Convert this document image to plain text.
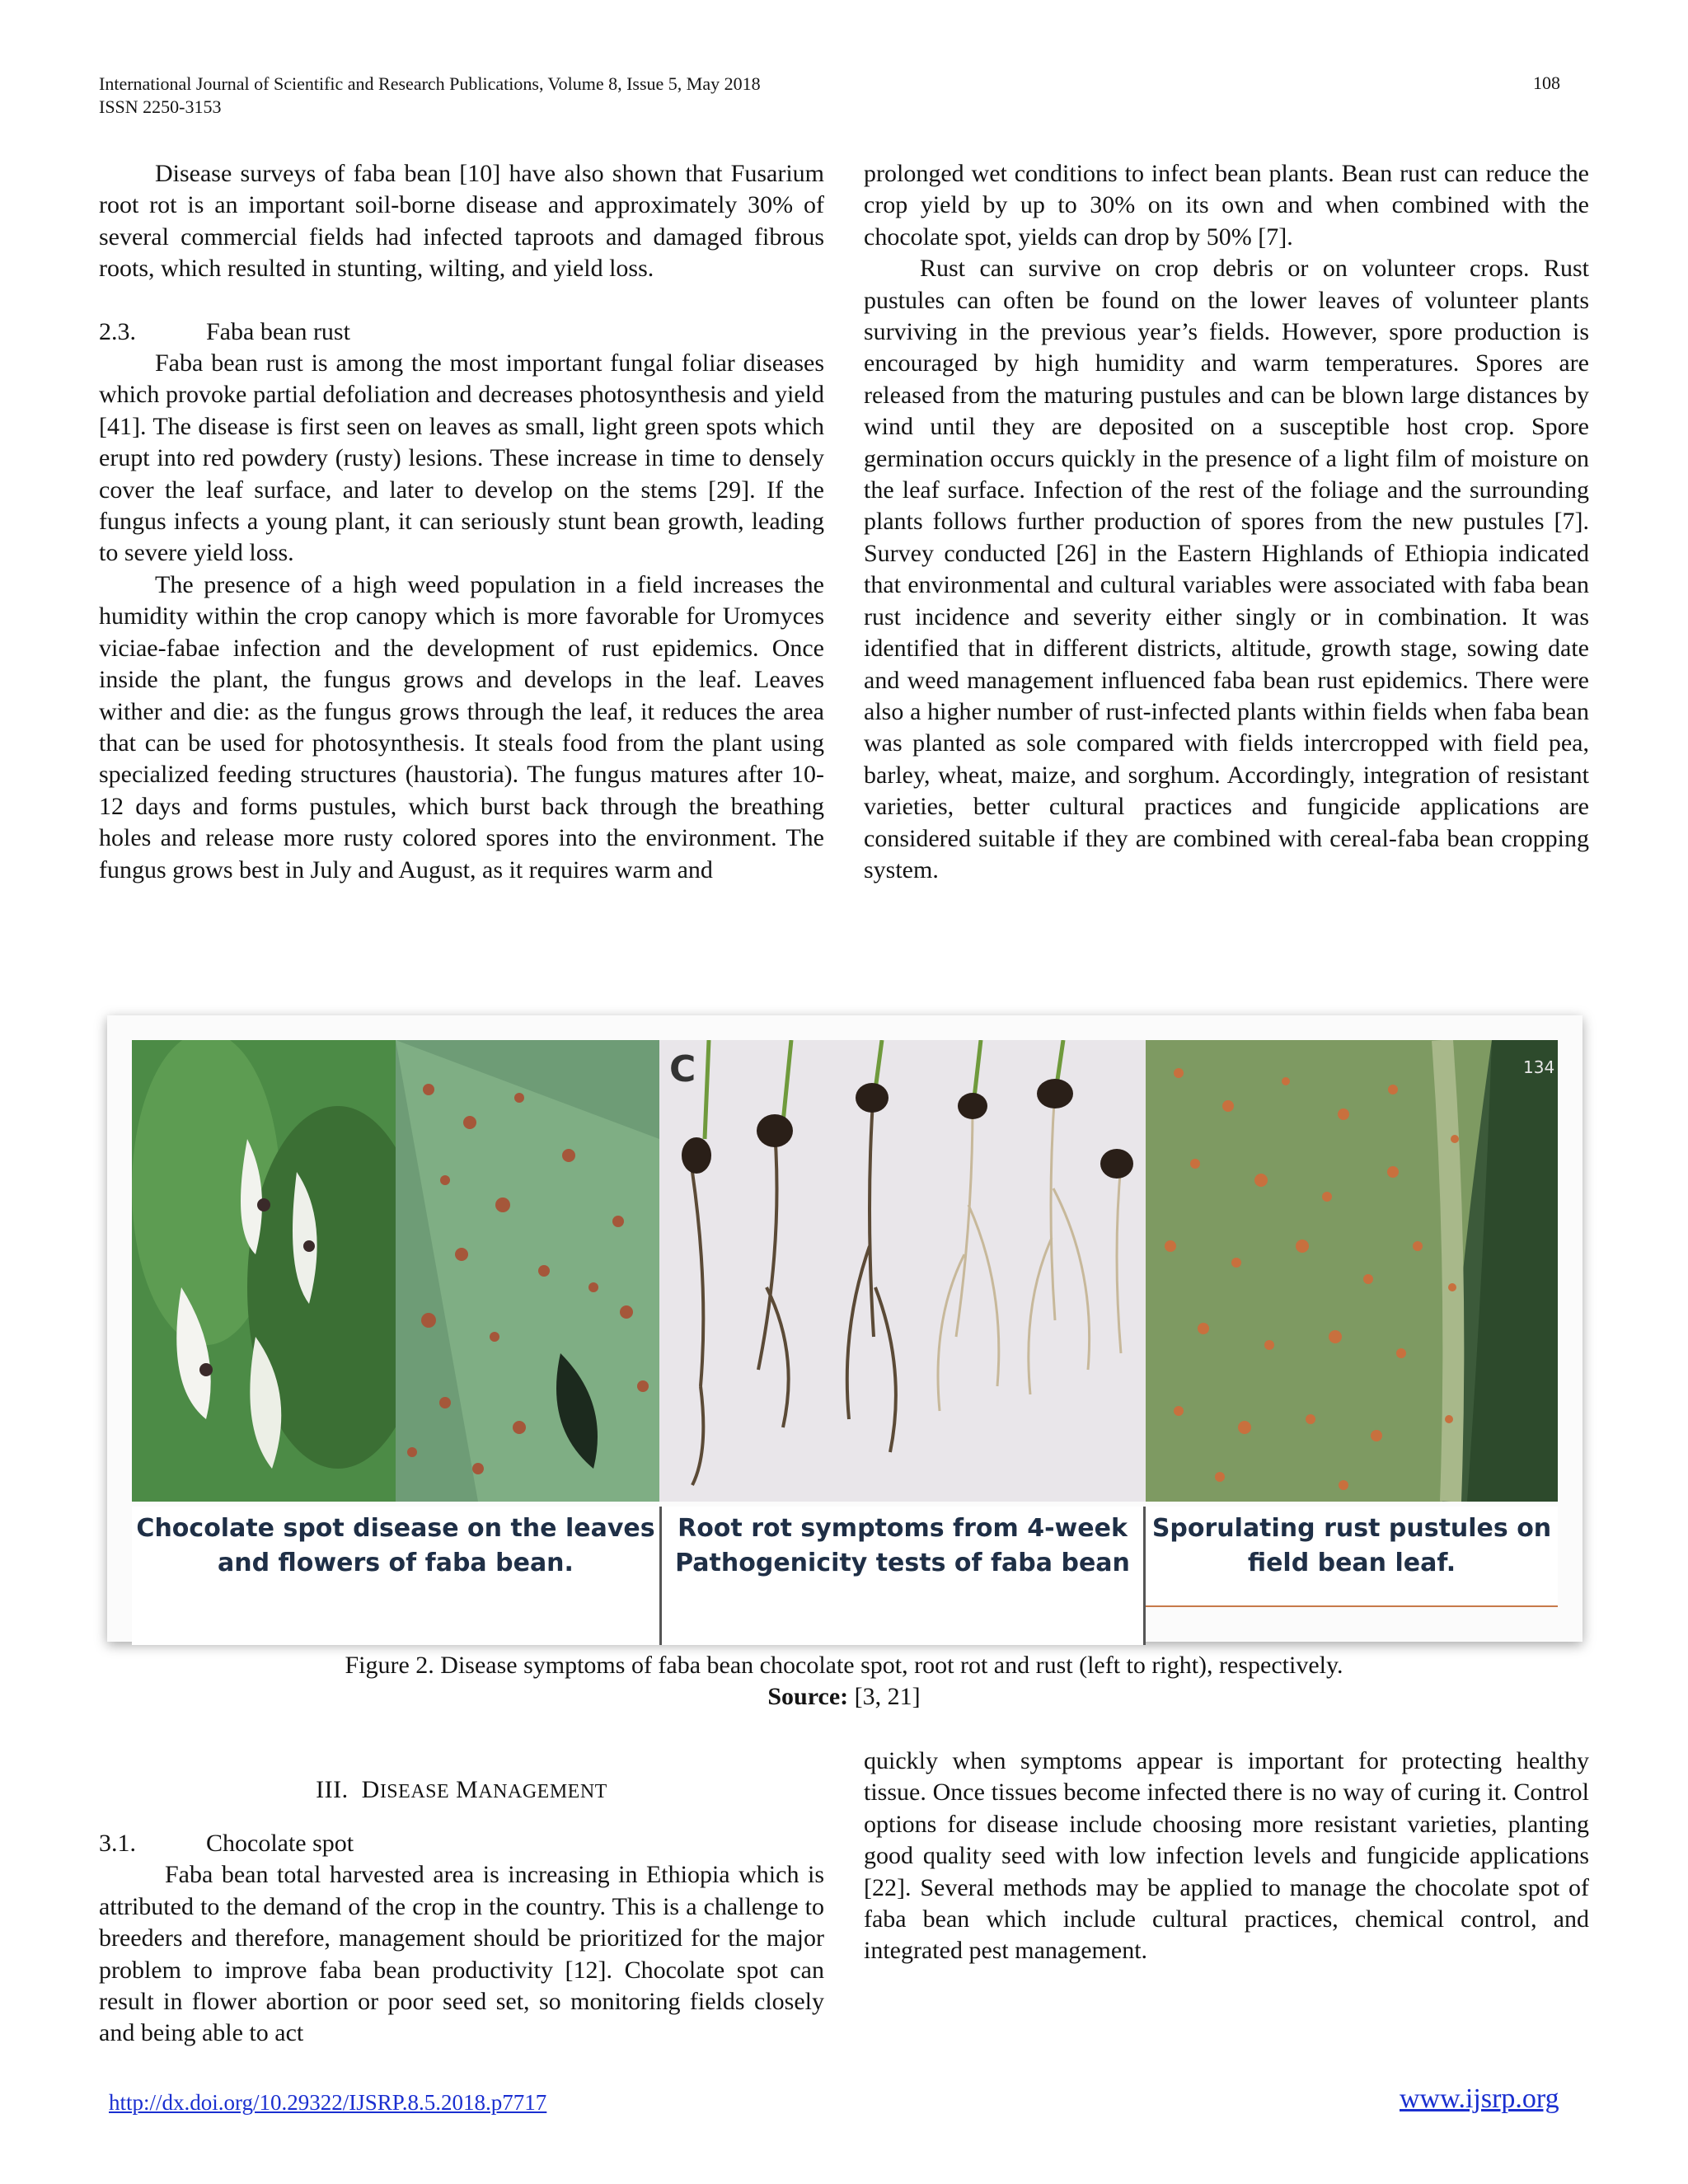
International Journal of Scientific and Research Publications, Volume 8, Issue 5, May 2018
ISSN 2250-3153
108

Disease surveys of faba bean [10] have also shown that Fusarium root rot is an important soil-borne disease and approximately 30% of several commercial fields had infected taproots and damaged fibrous roots, which resulted in stunting, wilting, and yield loss.

2.3.	Faba bean rust

Faba bean rust is among the most important fungal foliar diseases which provoke partial defoliation and decreases photosynthesis and yield [41]. The disease is first seen on leaves as small, light green spots which erupt into red powdery (rusty) lesions. These increase in time to densely cover the leaf surface, and later to develop on the stems [29]. If the fungus infects a young plant, it can seriously stunt bean growth, leading to severe yield loss.

The presence of a high weed population in a field increases the humidity within the crop canopy which is more favorable for Uromyces viciae-fabae infection and the development of rust epidemics. Once inside the plant, the fungus grows and develops in the leaf. Leaves wither and die: as the fungus grows through the leaf, it reduces the area that can be used for photosynthesis. It steals food from the plant using specialized feeding structures (haustoria). The fungus matures after 10-12 days and forms pustules, which burst back through the breathing holes and release more rusty colored spores into the environment. The fungus grows best in July and August, as it requires warm and

prolonged wet conditions to infect bean plants. Bean rust can reduce the crop yield by up to 30% on its own and when combined with the chocolate spot, yields can drop by 50% [7].

Rust can survive on crop debris or on volunteer crops. Rust pustules can often be found on the lower leaves of volunteer plants surviving in the previous year’s fields. However, spore production is encouraged by high humidity and warm temperatures. Spores are released from the maturing pustules and can be blown large distances by wind until they are deposited on a susceptible host crop. Spore germination occurs quickly in the presence of a light film of moisture on the leaf surface. Infection of the rest of the foliage and the surrounding plants follows further production of spores from the new pustules [7]. Survey conducted [26] in the Eastern Highlands of Ethiopia indicated that environmental and cultural variables were associated with faba bean rust incidence and severity either singly or in combination. It was identified that in different districts, altitude, growth stage, sowing date and weed management influenced faba bean rust epidemics. There were also a higher number of rust-infected plants within fields when faba bean was planted as sole compared with fields intercropped with field pea, barley, wheat, maize, and sorghum. Accordingly, integration of resistant varieties, better cultural practices and fungicide applications are considered suitable if they are combined with cereal-faba bean cropping system.

C	134
Chocolate spot disease on the leaves and flowers of faba bean.
Root rot symptoms from 4-week Pathogenicity tests of faba bean
Sporulating rust pustules on field bean leaf.
Figure 2. Disease symptoms of faba bean chocolate spot, root rot and rust (left to right), respectively.
Source: [3, 21]
III. DISEASE MANAGEMENT

3.1.	Chocolate spot

Faba bean total harvested area is increasing in Ethiopia which is attributed to the demand of the crop in the country. This is a challenge to breeders and therefore, management should be prioritized for the major problem to improve faba bean productivity [12]. Chocolate spot can result in flower abortion or poor seed set, so monitoring fields closely and being able to act

quickly when symptoms appear is important for protecting healthy tissue. Once tissues become infected there is no way of curing it. Control options for disease include choosing more resistant varieties, planting good quality seed with low infection levels and fungicide applications [22]. Several methods may be applied to manage the chocolate spot of faba bean which include cultural practices, chemical control, and integrated pest management.

http://dx.doi.org/10.29322/IJSRP.8.5.2018.p7717	www.ijsrp.org
